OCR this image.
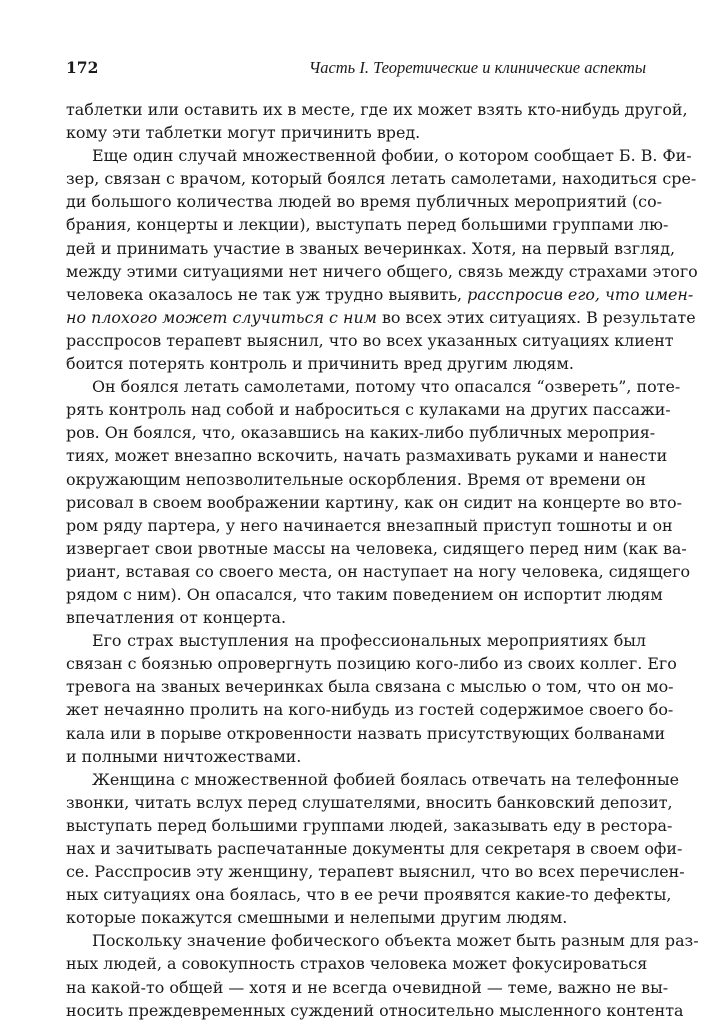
172	Часть I. Теоретические и клинические аспекты
таблетки или оставить их в месте, где их может взять кто-нибудь другой,
кому эти таблетки могут причинить вред.
Еще один случай множественной фобии, о котором сообщает Б. В. Фи-
зер, связан с врачом, который боялся летать самолетами, находиться сре-
ди большого количества людей во время публичных мероприятий (со-
брания, концерты и лекции), выступать перед большими группами лю-
дей и принимать участие в званых вечеринках. Хотя, на первый взгляд,
между этими ситуациями нет ничего общего, связь между страхами этого
человека оказалось не так уж трудно выявить, расспросив его, что имен-
но плохого может случиться с ним во всех этих ситуациях. В результате
расспросов терапевт выяснил, что во всех указанных ситуациях клиент
боится потерять контроль и причинить вред другим людям.
Он боялся летать самолетами, потому что опасался “озвереть”, поте-
рять контроль над собой и наброситься с кулаками на других пассажи-
ров. Он боялся, что, оказавшись на каких-либо публичных мероприя-
тиях, может внезапно вскочить, начать размахивать руками и нанести
окружающим непозволительные оскорбления. Время от времени он
рисовал в своем воображении картину, как он сидит на концерте во вто-
ром ряду партера, у него начинается внезапный приступ тошноты и он
извергает свои рвотные массы на человека, сидящего перед ним (как ва-
риант, вставая со своего места, он наступает на ногу человека, сидящего
рядом с ним). Он опасался, что таким поведением он испортит людям
впечатления от концерта.
Его страх выступления на профессиональных мероприятиях был
связан с боязнью опровергнуть позицию кого-либо из своих коллег. Его
тревога на званых вечеринках была связана с мыслью о том, что он мо-
жет нечаянно пролить на кого-нибудь из гостей содержимое своего бо-
кала или в порыве откровенности назвать присутствующих болванами
и полными ничтожествами.
Женщина с множественной фобией боялась отвечать на телефонные
звонки, читать вслух перед слушателями, вносить банковский депозит,
выступать перед большими группами людей, заказывать еду в рестора-
нах и зачитывать распечатанные документы для секретаря в своем офи-
се. Расспросив эту женщину, терапевт выяснил, что во всех перечислен-
ных ситуациях она боялась, что в ее речи проявятся какие-то дефекты,
которые покажутся смешными и нелепыми другим людям.
Поскольку значение фобического объекта может быть разным для раз-
ных людей, а совокупность страхов человека может фокусироваться
на какой-то общей — хотя и не всегда очевидной — теме, важно не вы-
носить преждевременных суждений относительно мысленного контента
